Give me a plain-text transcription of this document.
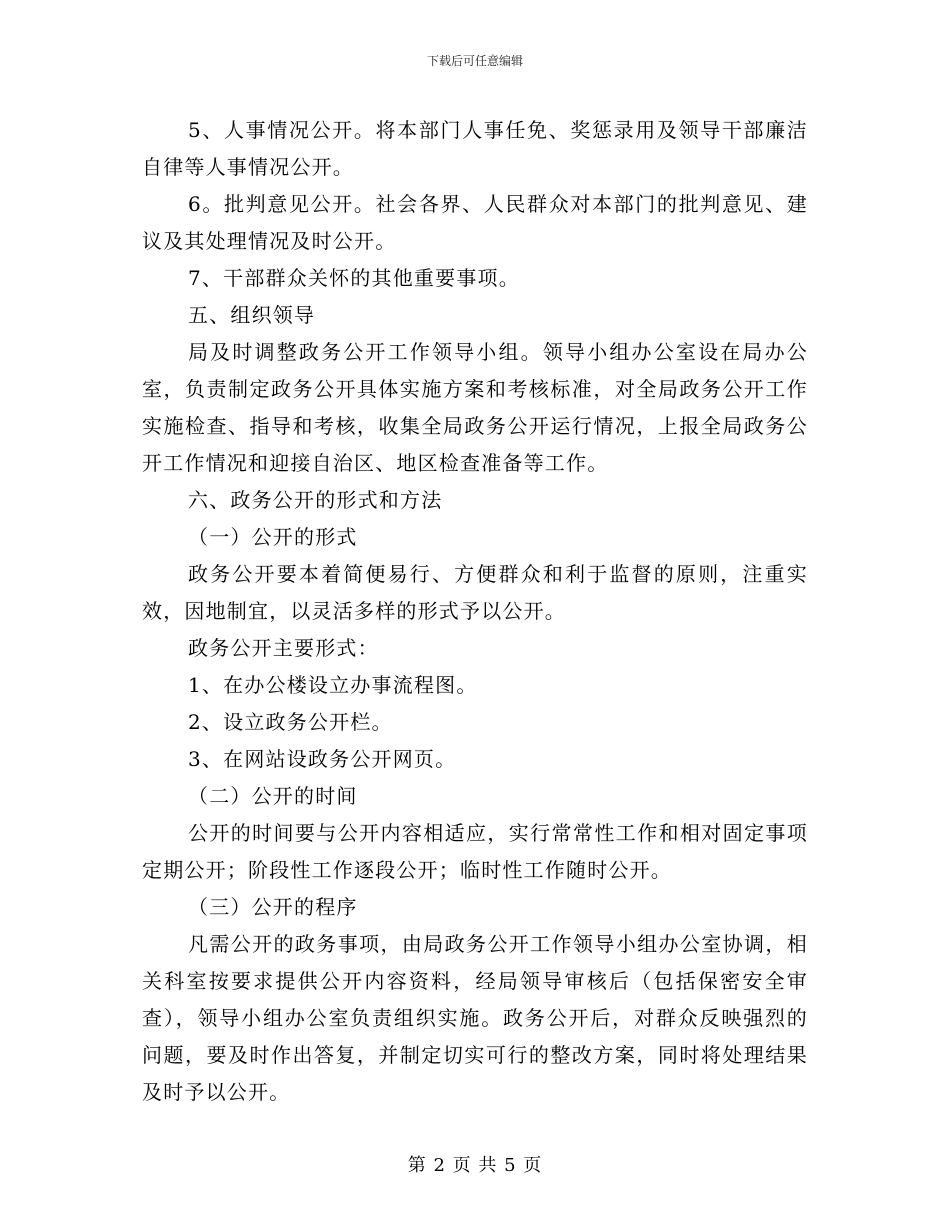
下载后可任意编辑

5、人事情况公开。将本部门人事任免、奖惩录用及领导干部廉洁自律等人事情况公开。

6。批判意见公开。社会各界、人民群众对本部门的批判意见、建议及其处理情况及时公开。

7、干部群众关怀的其他重要事项。

五、组织领导

局及时调整政务公开工作领导小组。领导小组办公室设在局办公室，负责制定政务公开具体实施方案和考核标准，对全局政务公开工作实施检查、指导和考核，收集全局政务公开运行情况，上报全局政务公开工作情况和迎接自治区、地区检查准备等工作。

六、政务公开的形式和方法

（一）公开的形式

政务公开要本着简便易行、方便群众和利于监督的原则，注重实效，因地制宜，以灵活多样的形式予以公开。

政务公开主要形式：

1、在办公楼设立办事流程图。

2、设立政务公开栏。

3、在网站设政务公开网页。

（二）公开的时间

公开的时间要与公开内容相适应，实行常常性工作和相对固定事项定期公开；阶段性工作逐段公开；临时性工作随时公开。

（三）公开的程序

凡需公开的政务事项，由局政务公开工作领导小组办公室协调，相关科室按要求提供公开内容资料，经局领导审核后（包括保密安全审查），领导小组办公室负责组织实施。政务公开后，对群众反映强烈的问题，要及时作出答复，并制定切实可行的整改方案，同时将处理结果及时予以公开。

第 2 页 共 5 页
